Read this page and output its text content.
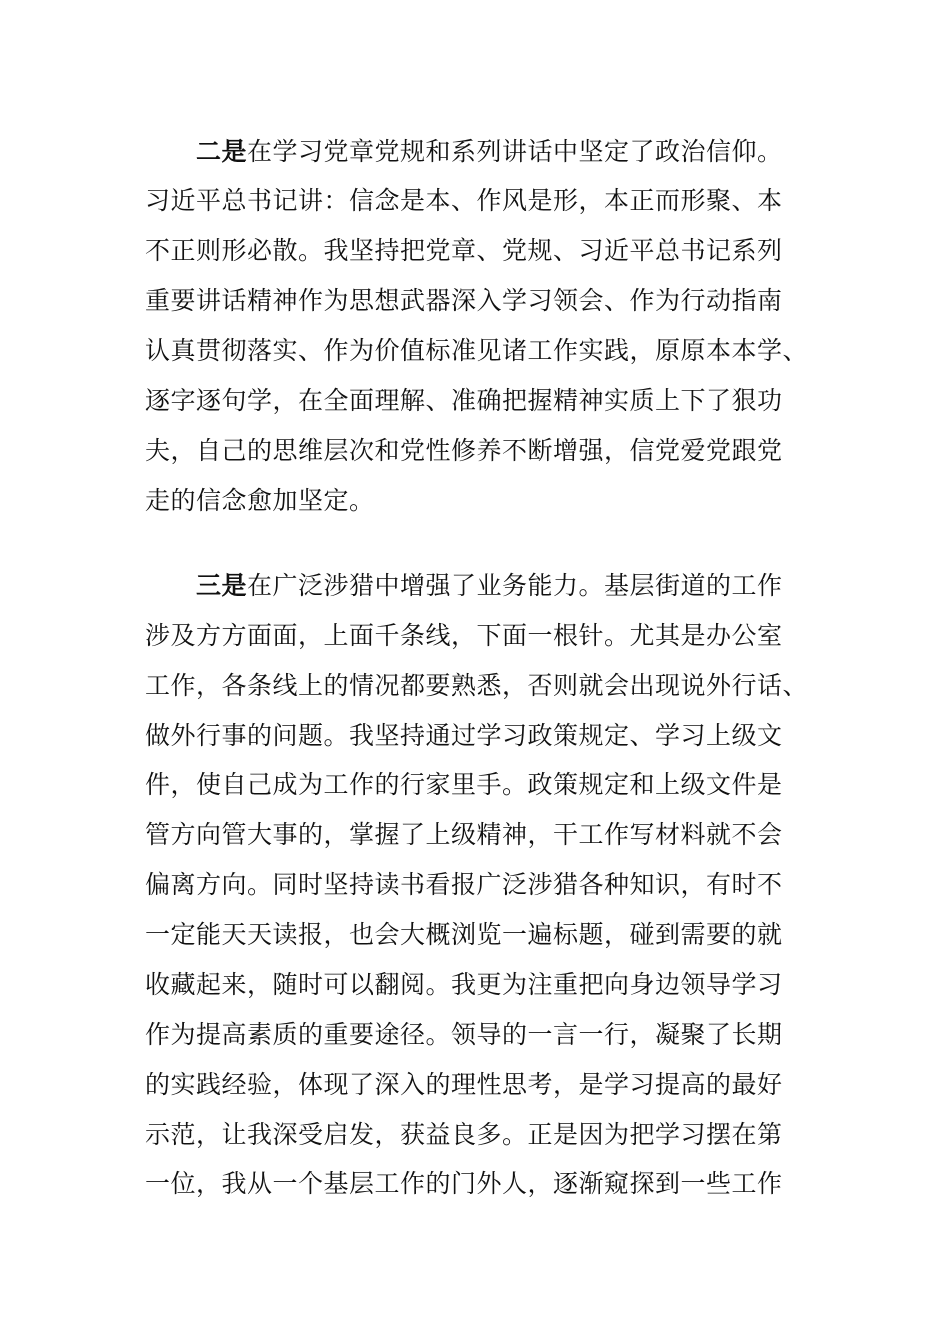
二是在学习党章党规和系列讲话中坚定了政治信仰。
习近平总书记讲：信念是本、作风是形，本正而形聚、本
不正则形必散。我坚持把党章、党规、习近平总书记系列
重要讲话精神作为思想武器深入学习领会、作为行动指南
认真贯彻落实、作为价值标准见诸工作实践，原原本本学、
逐字逐句学，在全面理解、准确把握精神实质上下了狠功
夫，自己的思维层次和党性修养不断增强，信党爱党跟党
走的信念愈加坚定。
三是在广泛涉猎中增强了业务能力。基层街道的工作
涉及方方面面，上面千条线，下面一根针。尤其是办公室
工作，各条线上的情况都要熟悉，否则就会出现说外行话、
做外行事的问题。我坚持通过学习政策规定、学习上级文
件，使自己成为工作的行家里手。政策规定和上级文件是
管方向管大事的，掌握了上级精神，干工作写材料就不会
偏离方向。同时坚持读书看报广泛涉猎各种知识，有时不
一定能天天读报，也会大概浏览一遍标题，碰到需要的就
收藏起来，随时可以翻阅。我更为注重把向身边领导学习
作为提高素质的重要途径。领导的一言一行，凝聚了长期
的实践经验，体现了深入的理性思考，是学习提高的最好
示范，让我深受启发，获益良多。正是因为把学习摆在第
一位，我从一个基层工作的门外人，逐渐窥探到一些工作
